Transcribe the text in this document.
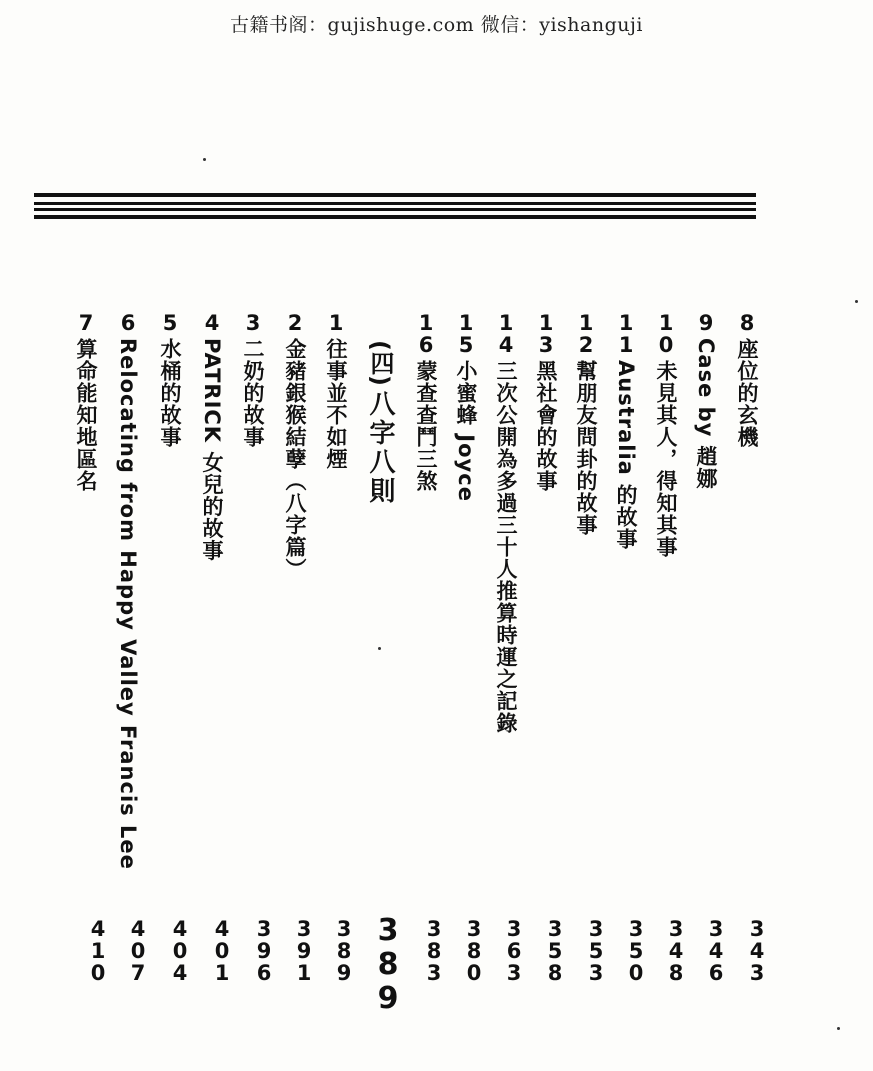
古籍书阁：gujishuge.com 微信：yishanguji
8
座位的玄機
9
Case by 趙娜
1
0
未見其人，得知其事
1
1
Australia 的故事
1
2
幫朋友問卦的故事
1
3
黑社會的故事
1
4
三次公開為多過三十人推算時運之記錄
1
5
小蜜蜂 Joyce
1
6
蒙查查鬥三煞
(四)
八字八則
1
往事並不如煙
2
金豬銀猴結孽（八字篇）
3
二奶的故事
4
PATRICK 女兒的故事
5
水桶的故事
6
Relocating from Happy Valley Francis Lee
7
算命能知地區名
3
4
3
3
4
6
3
4
8
3
5
0
3
5
3
3
5
8
3
6
3
3
8
0
3
8
3
3
8
9
3
8
9
3
9
1
3
9
6
4
0
1
4
0
4
4
0
7
4
1
0
